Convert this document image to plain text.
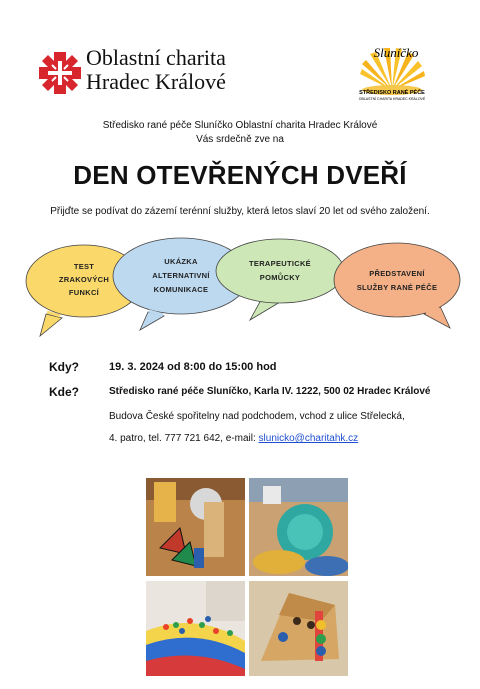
Oblastní charita
Hradec Králové
Sluníčko
STŘEDISKO RANÉ PÉČE
OBLASTNÍ CHARITA HRADEC KRÁLOVÉ
Středisko rané péče Sluníčko Oblastní charita Hradec Králové
Vás srdečně zve na
DEN OTEVŘENÝCH DVEŘÍ
Přijďte se podívat do zázemí terénní služby, která letos slaví 20 let od svého založení.
TEST
ZRAKOVÝCH
FUNKCÍ
UKÁZKA
ALTERNATIVNÍ
KOMUNIKACE
TERAPEUTICKÉ
POMŮCKY	PŘEDSTAVENÍ
SLUŽBY RANÉ PÉČE
Kdy?	19. 3. 2024 od 8:00 do 15:00 hod
Kde?	Středisko rané péče Sluníčko, Karla IV. 1222, 500 02 Hradec Králové
Budova České spořitelny nad podchodem, vchod z ulice Střelecká,
4. patro, tel. 777 721 642, e-mail: slunicko@charitahk.cz
